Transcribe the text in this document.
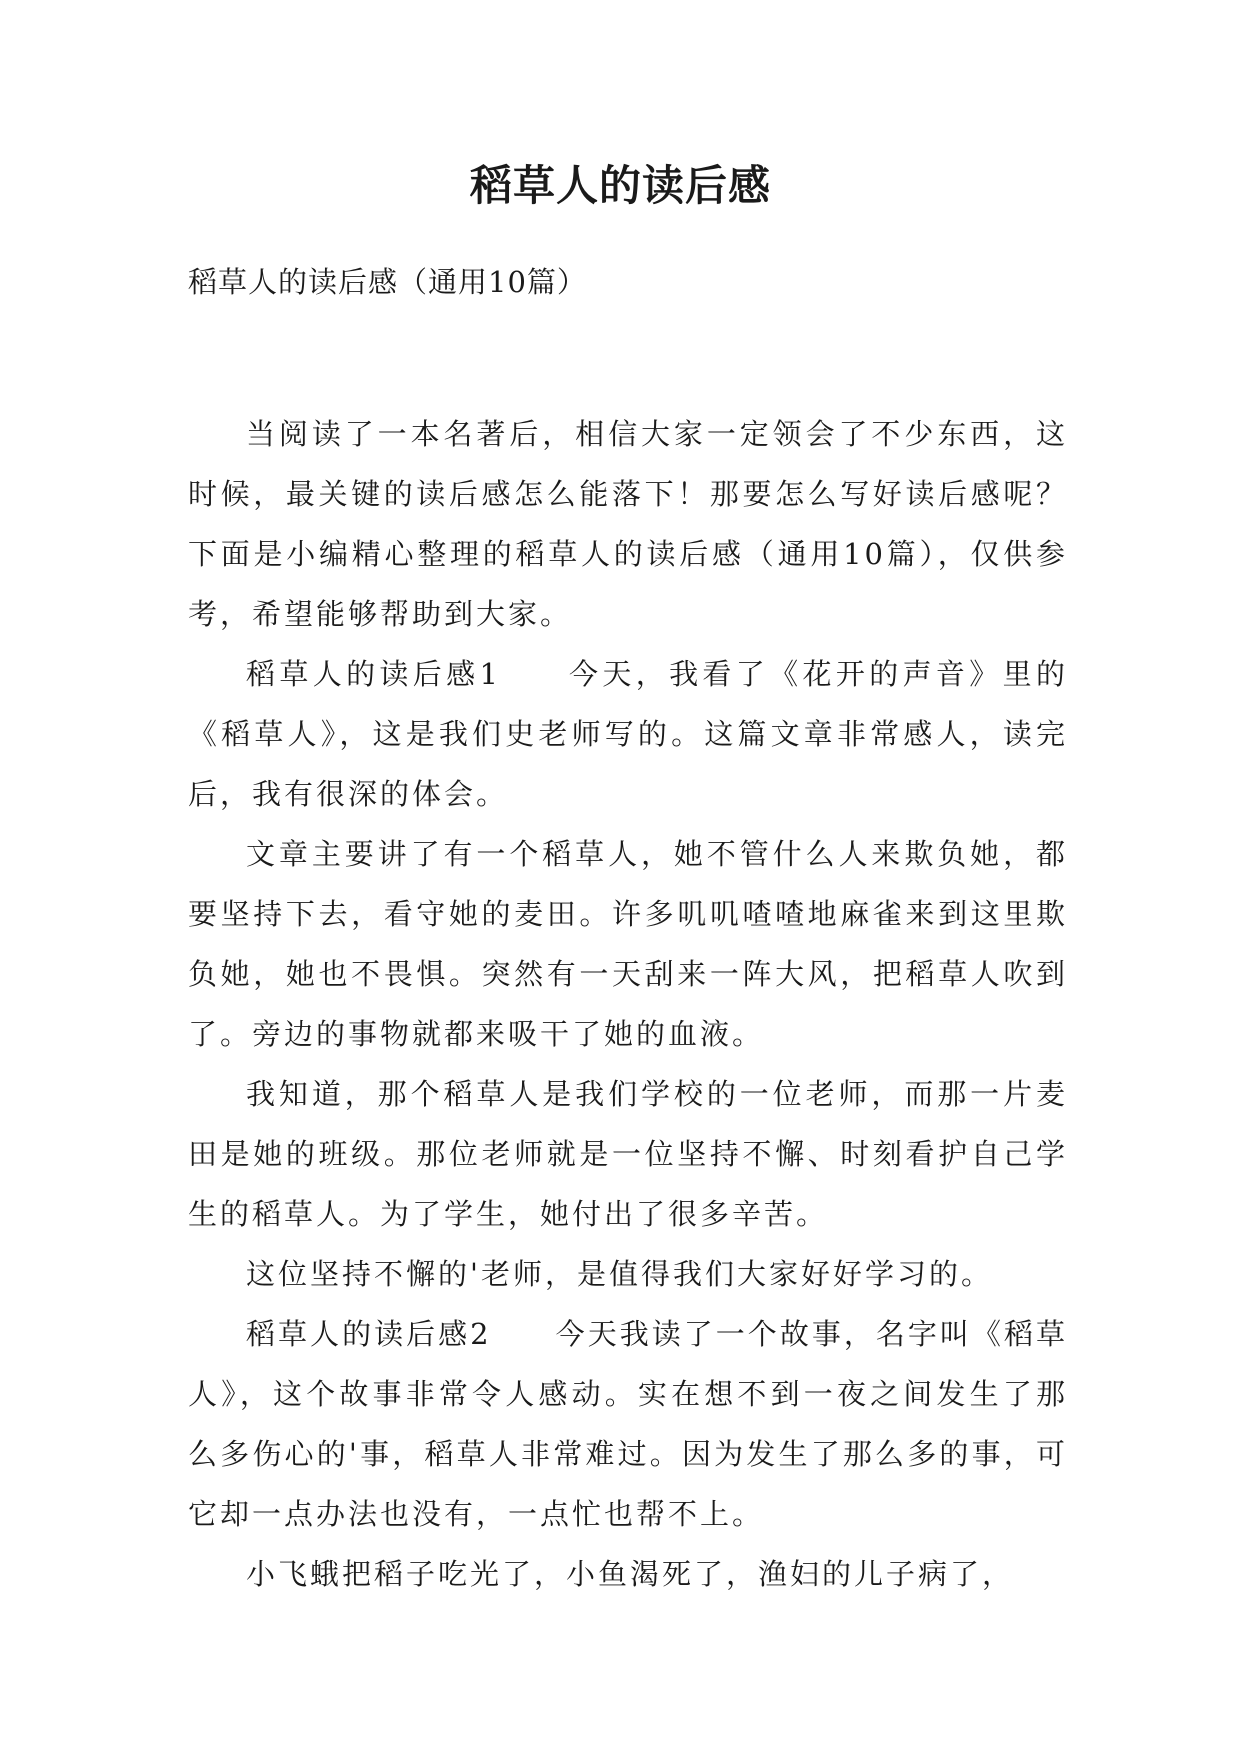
稻草人的读后感

稻草人的读后感（通用10篇）

当阅读了一本名著后，相信大家一定领会了不少东西，这时候，最关键的读后感怎么能落下！那要怎么写好读后感呢？下面是小编精心整理的稻草人的读后感（通用10篇），仅供参考，希望能够帮助到大家。

稻草人的读后感1　　今天，我看了《花开的声音》里的《稻草人》，这是我们史老师写的。这篇文章非常感人，读完后，我有很深的体会。

文章主要讲了有一个稻草人，她不管什么人来欺负她，都要坚持下去，看守她的麦田。许多叽叽喳喳地麻雀来到这里欺负她，她也不畏惧。突然有一天刮来一阵大风，把稻草人吹到了。旁边的事物就都来吸干了她的血液。

我知道，那个稻草人是我们学校的一位老师，而那一片麦田是她的班级。那位老师就是一位坚持不懈、时刻看护自己学生的稻草人。为了学生，她付出了很多辛苦。

这位坚持不懈的'老师，是值得我们大家好好学习的。

稻草人的读后感2　　今天我读了一个故事，名字叫《稻草人》，这个故事非常令人感动。实在想不到一夜之间发生了那么多伤心的'事，稻草人非常难过。因为发生了那么多的事，可它却一点办法也没有，一点忙也帮不上。

小飞蛾把稻子吃光了，小鱼渴死了，渔妇的儿子病了，
